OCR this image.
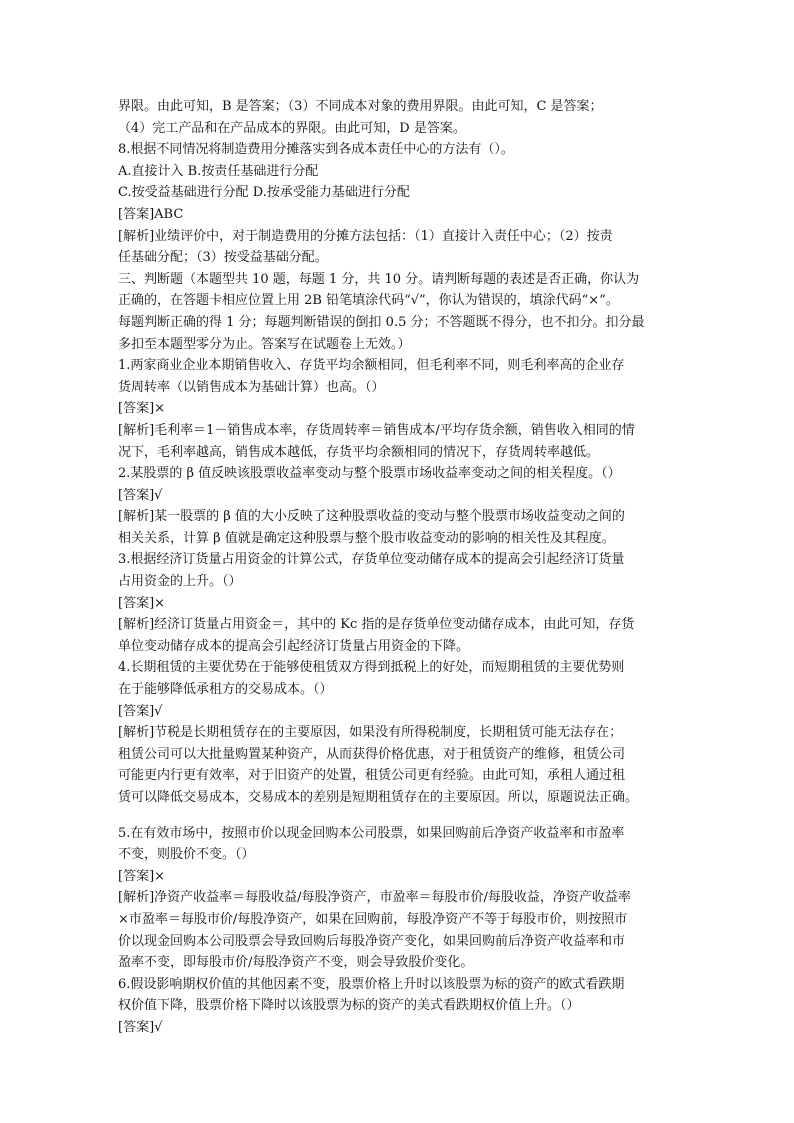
界限。由此可知，B 是答案；（3）不同成本对象的费用界限。由此可知，C 是答案；
（4）完工产品和在产品成本的界限。由此可知，D 是答案。
8.根据不同情况将制造费用分摊落实到各成本责任中心的方法有（）。
A.直接计入 B.按责任基础进行分配
C.按受益基础进行分配 D.按承受能力基础进行分配
[答案]ABC
[解析]业绩评价中，对于制造费用的分摊方法包括：（1）直接计入责任中心；（2）按责
任基础分配；（3）按受益基础分配。
三、判断题（本题型共 10 题，每题 1 分，共 10 分。请判断每题的表述是否正确，你认为
正确的，在答题卡相应位置上用 2B 铅笔填涂代码“√”，你认为错误的，填涂代码“×”。
每题判断正确的得 1 分；每题判断错误的倒扣 0.5 分；不答题既不得分，也不扣分。扣分最
多扣至本题型零分为止。答案写在试题卷上无效。）
1.两家商业企业本期销售收入、存货平均余额相同，但毛利率不同，则毛利率高的企业存
货周转率（以销售成本为基础计算）也高。（）
[答案]×
[解析]毛利率＝1－销售成本率，存货周转率＝销售成本/平均存货余额，销售收入相同的情
况下，毛利率越高，销售成本越低，存货平均余额相同的情况下，存货周转率越低。
2.某股票的 β 值反映该股票收益率变动与整个股票市场收益率变动之间的相关程度。（）
[答案]√
[解析]某一股票的 β 值的大小反映了这种股票收益的变动与整个股票市场收益变动之间的
相关关系，计算 β 值就是确定这种股票与整个股市收益变动的影响的相关性及其程度。
3.根据经济订货量占用资金的计算公式，存货单位变动储存成本的提高会引起经济订货量
占用资金的上升。（）
[答案]×
[解析]经济订货量占用资金＝，其中的 Kc 指的是存货单位变动储存成本，由此可知，存货
单位变动储存成本的提高会引起经济订货量占用资金的下降。
4.长期租赁的主要优势在于能够使租赁双方得到抵税上的好处，而短期租赁的主要优势则
在于能够降低承租方的交易成本。（）
[答案]√
[解析]节税是长期租赁存在的主要原因，如果没有所得税制度，长期租赁可能无法存在；
租赁公司可以大批量购置某种资产，从而获得价格优惠，对于租赁资产的维修，租赁公司
可能更内行更有效率，对于旧资产的处置，租赁公司更有经验。由此可知，承租人通过租
赁可以降低交易成本，交易成本的差别是短期租赁存在的主要原因。所以，原题说法正确。
5.在有效市场中，按照市价以现金回购本公司股票，如果回购前后净资产收益率和市盈率
不变，则股价不变。（）
[答案]×
[解析]净资产收益率＝每股收益/每股净资产，市盈率＝每股市价/每股收益，净资产收益率
×市盈率＝每股市价/每股净资产，如果在回购前，每股净资产不等于每股市价，则按照市
价以现金回购本公司股票会导致回购后每股净资产变化，如果回购前后净资产收益率和市
盈率不变，即每股市价/每股净资产不变，则会导致股价变化。
6.假设影响期权价值的其他因素不变，股票价格上升时以该股票为标的资产的欧式看跌期
权价值下降，股票价格下降时以该股票为标的资产的美式看跌期权价值上升。（）
[答案]√
